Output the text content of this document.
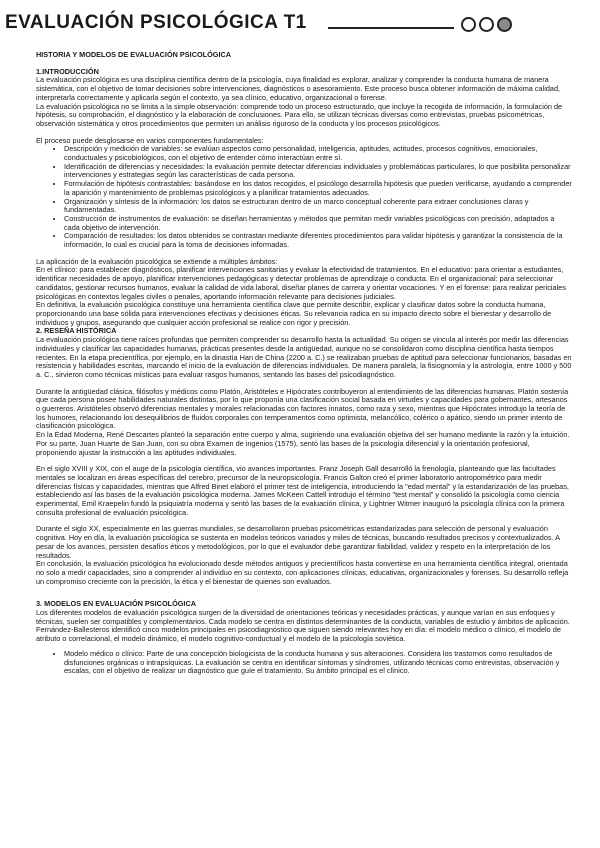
EVALUACIÓN PSICOLÓGICA T1

HISTORIA Y MODELOS DE EVALUACIÓN PSICOLÓGICA

1.INTRODUCCIÓN

La evaluación psicológica es una disciplina científica dentro de la psicología, cuya finalidad es explorar, analizar y comprender la conducta humana de manera sistemática, con el objetivo de tomar decisiones sobre intervenciones, diagnósticos o asesoramiento. Este proceso busca obtener información de máxima calidad, interpretarla correctamente y aplicarla según el contexto, ya sea clínico, educativo, organizacional o forense.

La evaluación psicológica no se limita a la simple observación: comprende todo un proceso estructurado, que incluye la recogida de información, la formulación de hipótesis, su comprobación, el diagnóstico y la elaboración de conclusiones. Para ello, se utilizan técnicas diversas como entrevistas, pruebas psicométricas, observación sistemática y otros procedimientos que permiten un análisis riguroso de la conducta y los procesos psicológicos.

El proceso puede desglosarse en varios componentes fundamentales:

• Descripción y medición de variables: se evalúan aspectos como personalidad, inteligencia, aptitudes, actitudes, procesos cognitivos, emocionales, conductuales y psicobiológicos, con el objetivo de entender cómo interactúan entre sí.
• Identificación de diferencias y necesidades: la evaluación permite detectar diferencias individuales y problemáticas particulares, lo que posibilita personalizar intervenciones y estrategias según las características de cada persona.
• Formulación de hipótesis contrastables: basándose en los datos recogidos, el psicólogo desarrolla hipótesis que pueden verificarse, ayudando a comprender la aparición y mantenimiento de problemas psicológicos y a planificar tratamientos adecuados.
• Organización y síntesis de la información: los datos se estructuran dentro de un marco conceptual coherente para extraer conclusiones claras y fundamentadas.
• Construcción de instrumentos de evaluación: se diseñan herramientas y métodos que permitan medir variables psicológicas con precisión, adaptados a cada objetivo de intervención.
• Comparación de resultados: los datos obtenidos se contrastan mediante diferentes procedimientos para validar hipótesis y garantizar la consistencia de la información, lo cual es crucial para la toma de decisiones informadas.

La aplicación de la evaluación psicológica se extiende a múltiples ámbitos:

En el clínico: para establecer diagnósticos, planificar intervenciones sanitarias y evaluar la efectividad de tratamientos. En el educativo: para orientar a estudiantes, identificar necesidades de apoyo, planificar intervenciones pedagógicas y detectar problemas de aprendizaje o conducta. En el organizacional: para seleccionar candidatos, gestionar recursos humanos, evaluar la calidad de vida laboral, diseñar planes de carrera y orientar vocaciones. Y en el forense: para realizar periciales psicológicas en contextos legales civiles o penales, aportando información relevante para decisiones judiciales.

En definitiva, la evaluación psicológica constituye una herramienta científica clave que permite describir, explicar y clasificar datos sobre la conducta humana, proporcionando una base sólida para intervenciones efectivas y decisiones éticas. Su relevancia radica en su impacto directo sobre el bienestar y desarrollo de individuos y grupos, asegurando que cualquier acción profesional se realice con rigor y precisión.

2. RESEÑA HISTÓRICA

La evaluación psicológica tiene raíces profundas que permiten comprender su desarrollo hasta la actualidad. Su origen se vincula al interés por medir las diferencias individuales y clasificar las capacidades humanas, prácticas presentes desde la antigüedad, aunque no se consolidaron como disciplina científica hasta tiempos recientes. En la etapa precientífica, por ejemplo, en la dinastía Han de China (2200 a. C.) se realizaban pruebas de aptitud para seleccionar funcionarios, basadas en resistencia y habilidades escritas, marcando el inicio de la evaluación de diferencias individuales. De manera paralela, la fisiognomía y la astrología, entre 1000 y 500 a. C., sirvieron como técnicas místicas para evaluar rasgos humanos, sentando las bases del psicodiagnóstico.

Durante la antigüedad clásica, filósofos y médicos como Platón, Aristóteles e Hipócrates contribuyeron al entendimiento de las diferencias humanas. Platón sostenía que cada persona posee habilidades naturales distintas, por lo que proponía una clasificación social basada en virtudes y capacidades para gobernantes, artesanos o guerreros. Aristóteles observó diferencias mentales y morales relacionadas con factores innatos, como raza y sexo, mientras que Hipócrates introdujo la teoría de los humores, relacionando los desequilibrios de fluidos corporales con temperamentos como optimista, melancólico, colérico o apático, siendo un primer intento de clasificación psicológica.

En la Edad Moderna, René Descartes planteó la separación entre cuerpo y alma, sugiriendo una evaluación objetiva del ser humano mediante la razón y la intuición. Por su parte, Juan Huarte de San Juan, con su obra Examen de ingenios (1575), sentó las bases de la psicología diferencial y la orientación profesional, proponiendo ajustar la instrucción a las aptitudes individuales.

En el siglo XVIII y XIX, con el auge de la psicología científica, vio avances importantes. Franz Joseph Gall desarrolló la frenología, planteando que las facultades mentales se localizan en áreas específicas del cerebro, precursor de la neuropsicología. Francis Galton creó el primer laboratorio antropométrico para medir diferencias físicas y capacidades, mientras que Alfred Binet elaboró el primer test de inteligencia, introduciendo la "edad mental" y la estandarización de las pruebas, estableciendo así las bases de la evaluación psicológica moderna. James McKeen Cattell introdujo el término "test mental" y consolidó la psicología como ciencia experimental, Emil Kraepelin fundó la psiquiatría moderna y sentó las bases de la evaluación clínica, y Lightner Witmer inauguró la psicología clínica con la primera consulta profesional de evaluación psicológica.

Durante el siglo XX, especialmente en las guerras mundiales, se desarrollaron pruebas psicométricas estandarizadas para selección de personal y evaluación cognitiva. Hoy en día, la evaluación psicológica se sustenta en modelos teóricos variados y miles de técnicas, buscando resultados precisos y contextualizados. A pesar de los avances, persisten desafíos éticos y metodológicos, por lo que el evaluador debe garantizar fiabilidad, validez y respeto en la interpretación de los resultados.

En conclusión, la evaluación psicológica ha evolucionado desde métodos antiguos y precientíficos hasta convertirse en una herramienta científica integral, orientada no solo a medir capacidades, sino a comprender al individuo en su contexto, con aplicaciones clínicas, educativas, organizacionales y forenses. Su desarrollo refleja un compromiso creciente con la precisión, la ética y el bienestar de quienes son evaluados.

3. MODELOS EN EVALUACIÓN PSICOLÓGICA

Los diferentes modelos de evaluación psicológica surgen de la diversidad de orientaciones teóricas y necesidades prácticas, y aunque varían en sus enfoques y técnicas, suelen ser compatibles y complementarios. Cada modelo se centra en distintos determinantes de la conducta, variables de estudio y ámbitos de aplicación.

Fernández-Ballesteros identificó cinco modelos principales en psicodiagnóstico que siguen siendo relevantes hoy en día: el modelo médico o clínico, el modelo de atributo o correlacional, el modelo dinámico, el modelo cognitivo-conductual y el modelo de la psicología soviética.

• Modelo médico o clínico: Parte de una concepción biologicista de la conducta humana y sus alteraciones. Considera los trastornos como resultados de disfunciones orgánicas o intrapsíquicas. La evaluación se centra en identificar síntomas y síndromes, utilizando técnicas como entrevistas, observación y escalas, con el objetivo de realizar un diagnóstico que guíe el tratamiento. Su ámbito principal es el clínico.
